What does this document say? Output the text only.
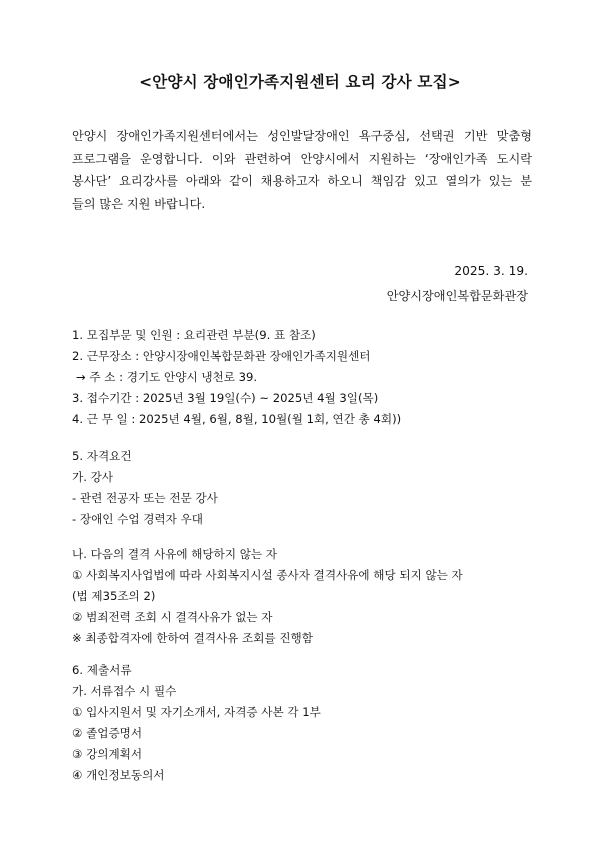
<안양시 장애인가족지원센터 요리 강사 모집>
안양시 장애인가족지원센터에서는 성인발달장애인 욕구중심, 선택권 기반 맞춤형
프로그램을 운영합니다. 이와 관련하여 안양시에서 지원하는 ‘장애인가족 도시락
봉사단’ 요리강사를 아래와 같이 채용하고자 하오니 책임감 있고 열의가 있는 분
들의 많은 지원 바랍니다.
2025. 3. 19.
안양시장애인복합문화관장
1. 모집부문 및 인원 : 요리관련 부분(9. 표 참조)
2. 근무장소 : 안양시장애인복합문화관 장애인가족지원센터
→ 주 소 : 경기도 안양시 냉천로 39.
3. 접수기간 : 2025년 3월 19일(수) ~ 2025년 4월 3일(목)
4. 근 무 일 : 2025년 4월, 6월, 8월, 10월(월 1회, 연간 총 4회))
5. 자격요건
가. 강사
- 관련 전공자 또는 전문 강사
- 장애인 수업 경력자 우대
나. 다음의 결격 사유에 해당하지 않는 자
① 사회복지사업법에 따라 사회복지시설 종사자 결격사유에 해당 되지 않는 자
(법 제35조의 2)
② 범죄전력 조회 시 결격사유가 없는 자
※ 최종합격자에 한하여 결격사유 조회를 진행함
6. 제출서류
가. 서류접수 시 필수
① 입사지원서 및 자기소개서, 자격증 사본 각 1부
② 졸업증명서
③ 강의계획서
④ 개인정보동의서
